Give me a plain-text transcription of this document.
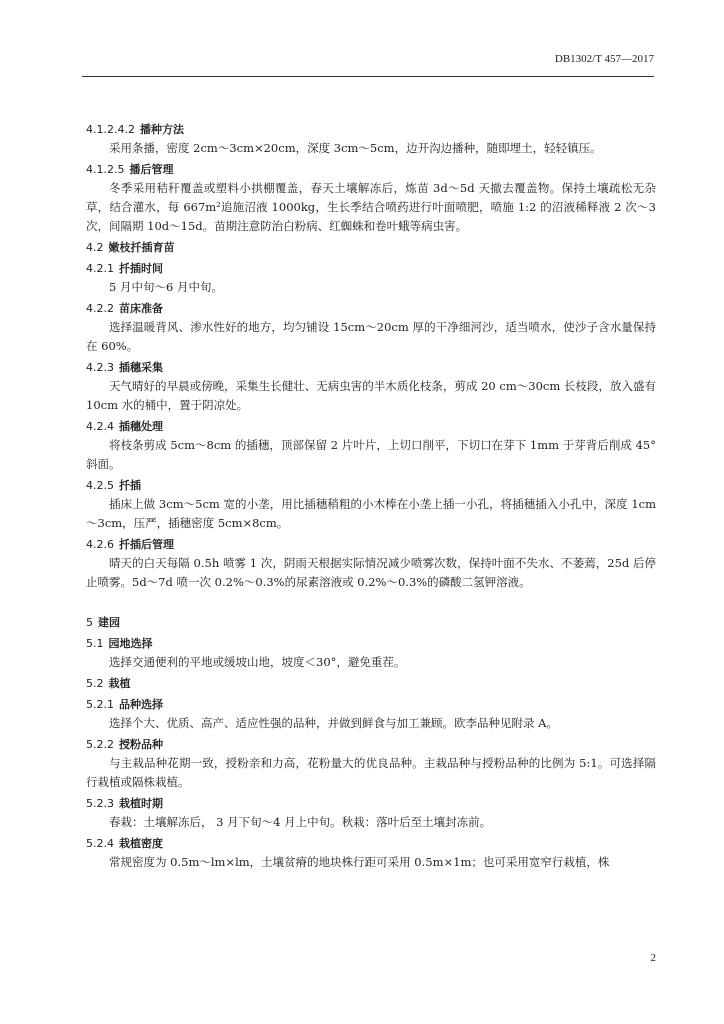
DB1302/T 457—2017
4.1.2.4.2 播种方法

采用条播，密度 2cm～3cm×20cm，深度 3cm～5cm，边开沟边播种，随即埋土，轻轻镇压。

4.1.2.5 播后管理

冬季采用秸秆覆盖或塑料小拱棚覆盖，春天土壤解冻后，炼苗 3d～5d 天撤去覆盖物。保持土壤疏松无杂草，结合灌水，每 667m²追施沼液 1000kg，生长季结合喷药进行叶面喷肥，喷施 1:2 的沼液稀释液 2 次～3 次，间隔期 10d～15d。苗期注意防治白粉病、红蜘蛛和卷叶蛾等病虫害。

4.2 嫩枝扦插育苗
4.2.1 扦插时间

5 月中旬～6 月中旬。

4.2.2 苗床准备

选择温暖背风、渗水性好的地方，均匀铺设 15cm～20cm 厚的干净细河沙，适当喷水，使沙子含水量保持在 60%。

4.2.3 插穗采集

天气晴好的早晨或傍晚，采集生长健壮、无病虫害的半木质化枝条，剪成 20 cm～30cm 长枝段，放入盛有 10cm 水的桶中，置于阴凉处。

4.2.4 插穗处理

将枝条剪成 5cm～8cm 的插穗，顶部保留 2 片叶片，上切口削平，下切口在芽下 1mm 于芽背后削成 45° 斜面。

4.2.5 扦插

插床上做 3cm～5cm 宽的小垄，用比插穗稍粗的小木棒在小垄上插一小孔，将插穗插入小孔中，深度 1cm～3cm，压严，插穗密度 5cm×8cm。

4.2.6 扦插后管理

晴天的白天每隔 0.5h 喷雾 1 次，阴雨天根据实际情况减少喷雾次数，保持叶面不失水、不萎蔫，25d 后停止喷雾。5d～7d 喷一次 0.2%～0.3%的尿素溶液或 0.2%～0.3%的磷酸二氢钾溶液。

5 建园
5.1 园地选择

选择交通便利的平地或缓坡山地，坡度＜30°，避免重茬。

5.2 栽植
5.2.1 品种选择

选择个大、优质、高产、适应性强的品种，并做到鲜食与加工兼顾。欧李品种见附录 A。

5.2.2 授粉品种

与主栽品种花期一致，授粉亲和力高，花粉量大的优良品种。主栽品种与授粉品种的比例为 5:1。可选择隔行栽植或隔株栽植。

5.2.3 栽植时期

春栽：土壤解冻后， 3 月下旬～4 月上中旬。秋栽：落叶后至土壤封冻前。

5.2.4 栽植密度

常规密度为 0.5m～lm×lm，土壤贫瘠的地块株行距可采用 0.5m×1m；也可采用宽窄行栽植，株

2
